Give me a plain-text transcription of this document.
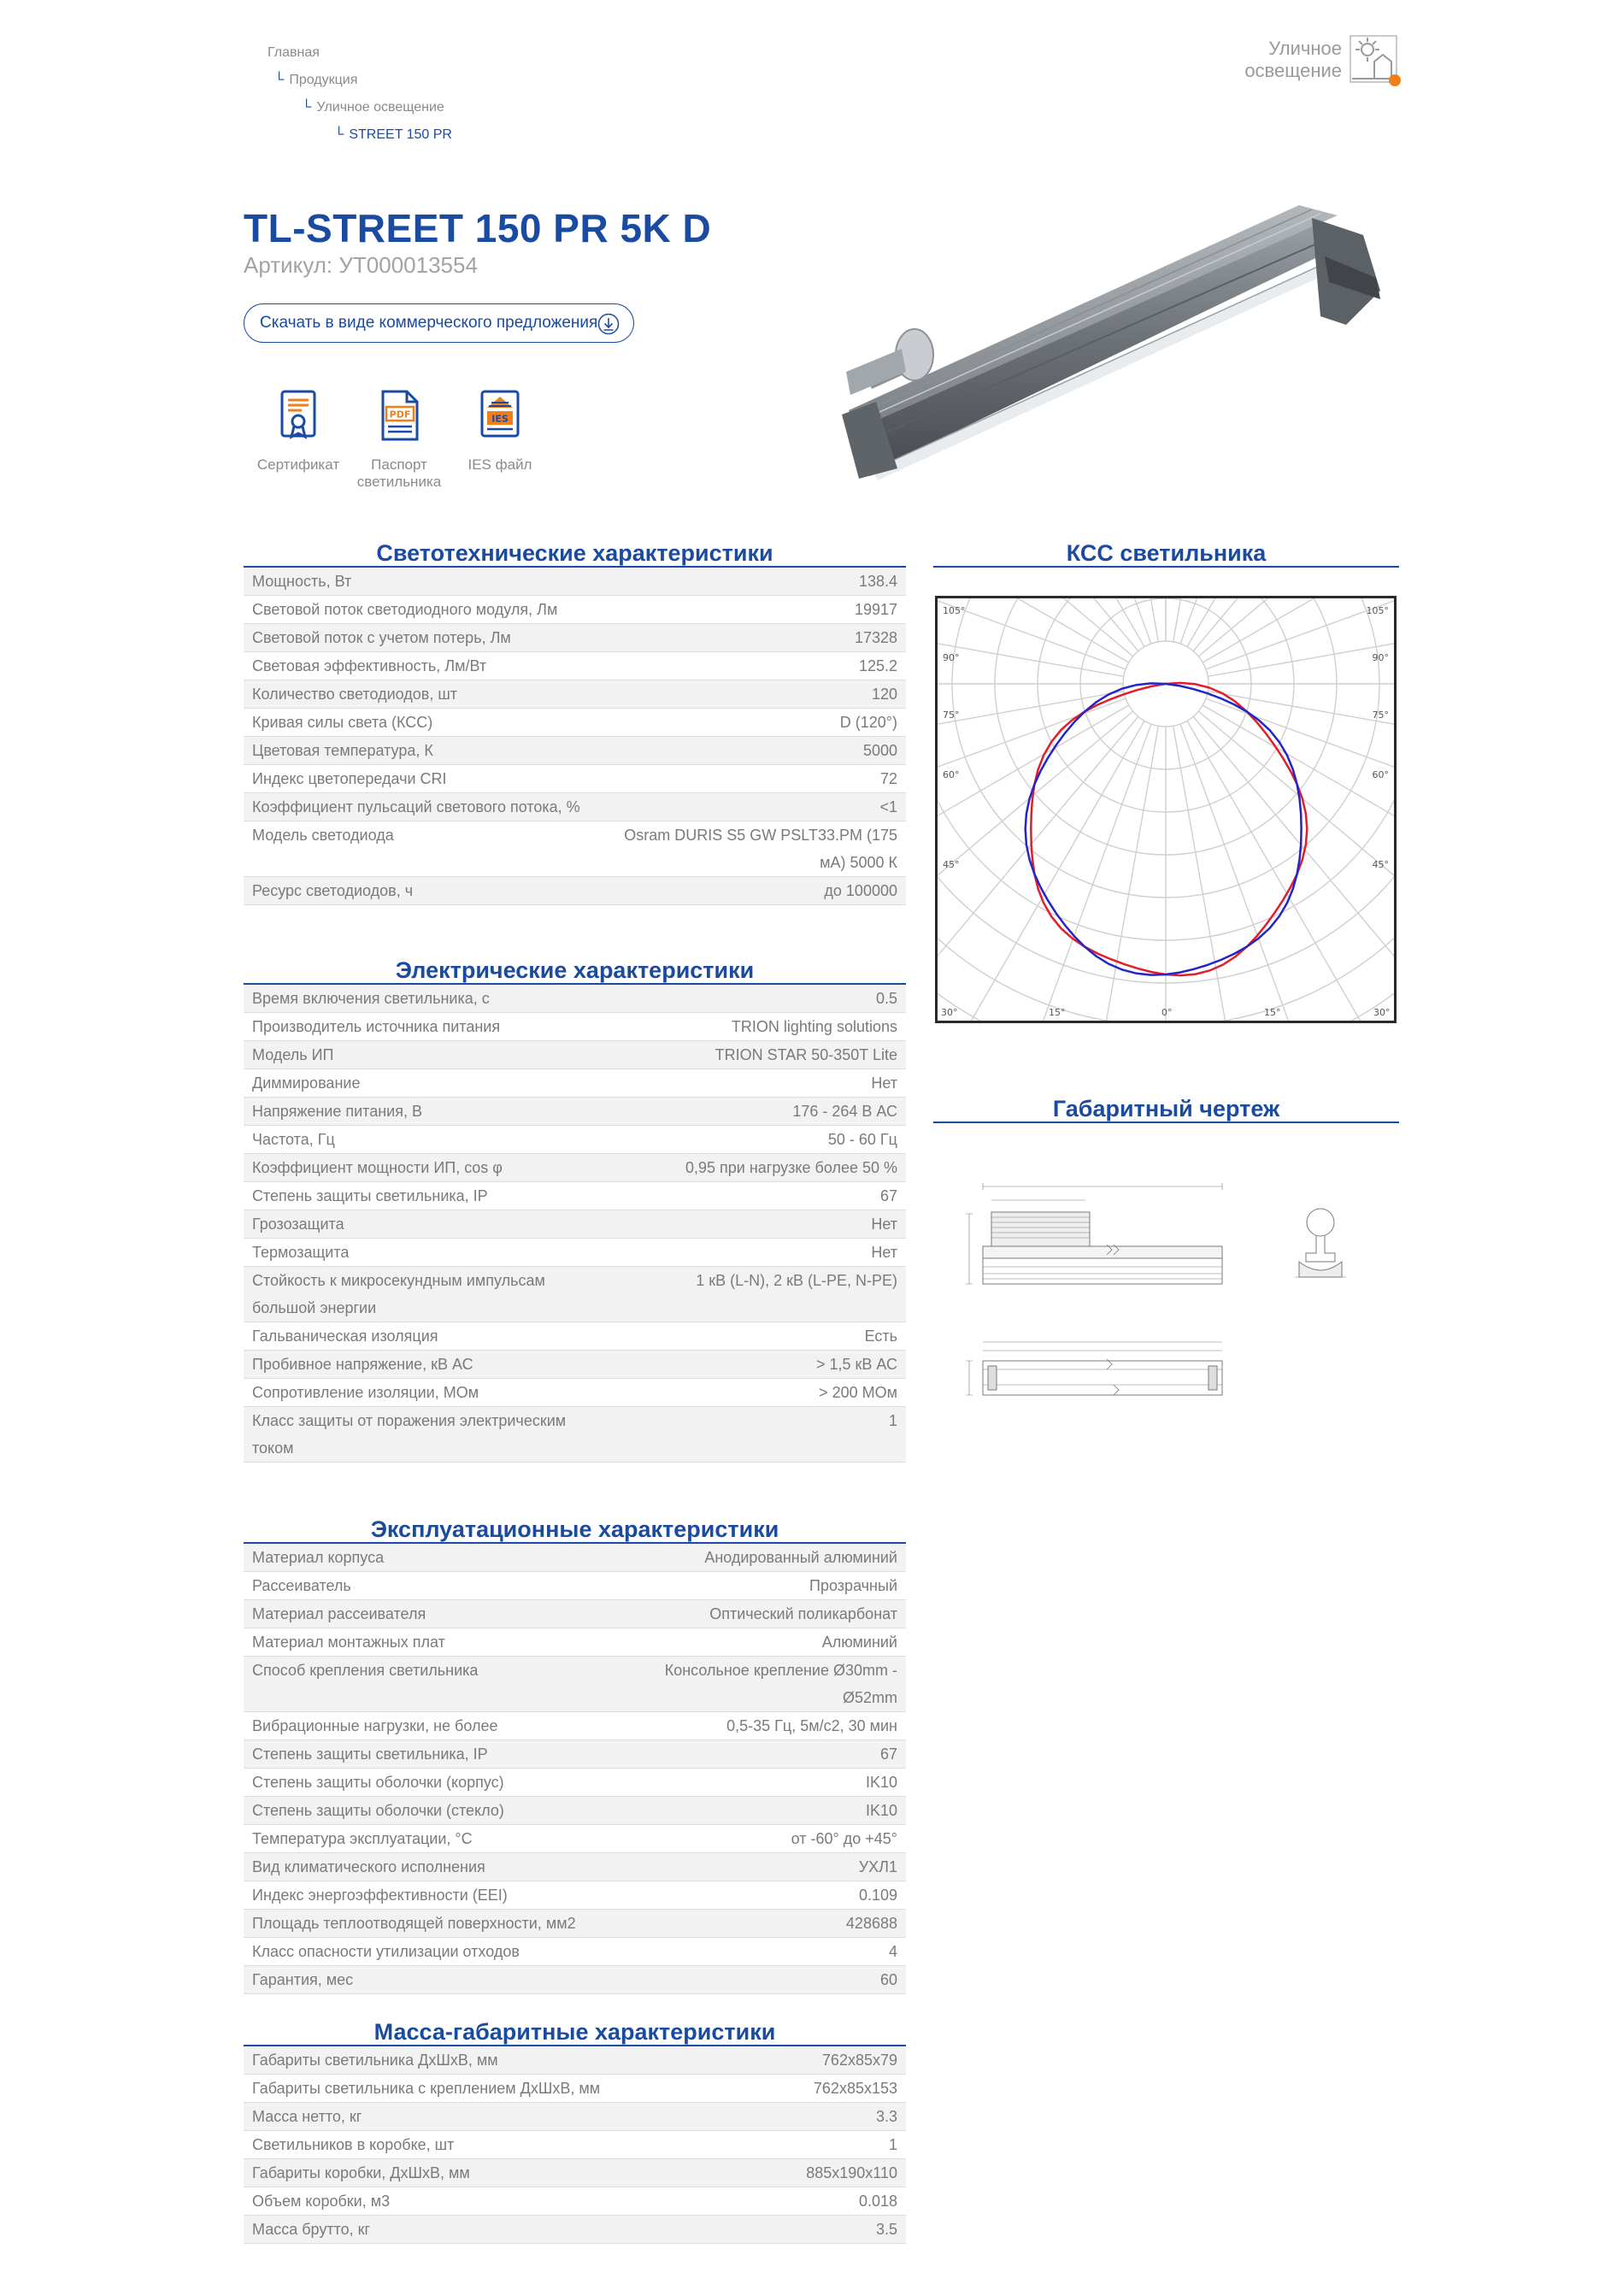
Главная
└ Продукция
└ Уличное освещение
└ STREET 150 PR
Уличное
освещение
TL-STREET 150 PR 5K D
Артикул: УТ000013554
Скачать в виде коммерческого предложения
Сертификат
PDF
Паспорт светильника
IES
IES файл
Светотехнические характеристики
Мощность, Вт	138.4
Световой поток светодиодного модуля, Лм	19917
Световой поток с учетом потерь, Лм	17328
Световая эффективность, Лм/Вт	125.2
Количество светодиодов, шт	120
Кривая силы света (КСС)	D (120°)
Цветовая температура, К	5000
Индекс цветопередачи CRI	72
Коэффициент пульсаций светового потока, %	<1
Модель светодиода	Osram DURIS S5 GW PSLT33.PM (175 мА) 5000 К
Ресурс светодиодов, ч	до 100000
Электрические характеристики
Время включения светильника, с	0.5
Производитель источника питания	TRION lighting solutions
Модель ИП	TRION STAR 50-350T Lite
Диммирование	Нет
Напряжение питания, В	176 - 264 В АС
Частота, Гц	50 - 60 Гц
Коэффициент мощности ИП, cos φ	0,95 при нагрузке более 50 %
Степень защиты светильника, IP	67
Грозозащита	Нет
Термозащита	Нет
Стойкость к микросекундным импульсам большой энергии	1 кВ (L-N), 2 кВ (L-PE, N-PE)
Гальваническая изоляция	Есть
Пробивное напряжение, кВ АС	> 1,5 кВ АС
Сопротивление изоляции, МОм	> 200 МОм
Класс защиты от поражения электрическим током	1
Эксплуатационные характеристики
Материал корпуса	Анодированный алюминий
Рассеиватель	Прозрачный
Материал рассеивателя	Оптический поликарбонат
Материал монтажных плат	Алюминий
Способ крепления светильника	Консольное крепление Ø30mm - Ø52mm
Вибрационные нагрузки, не более	0,5-35 Гц, 5м/с2, 30 мин
Степень защиты светильника, IP	67
Степень защиты оболочки (корпус)	IK10
Степень защиты оболочки (стекло)	IK10
Температура эксплуатации, °С	от -60° до +45°
Вид климатического исполнения	УХЛ1
Индекс энергоэффективности (EEI)	0.109
Площадь теплоотводящей поверхности, мм2	428688
Класс опасности утилизации отходов	4
Гарантия, мес	60
Масса-габаритные характеристики
Габариты светильника ДхШхВ, мм	762x85x79
Габариты светильника с креплением ДхШхВ, мм	762x85x153
Масса нетто, кг	3.3
Светильников в коробке, шт	1
Габариты коробки, ДхШхВ, мм	885x190x110
Объем коробки, м3	0.018
Масса брутто, кг	3.5
КСС светильника
105°	105°
90°	90°
75°	75°
60°	60°
45°	45°
30°	15°	0°	15°	30°
Габаритный чертеж
